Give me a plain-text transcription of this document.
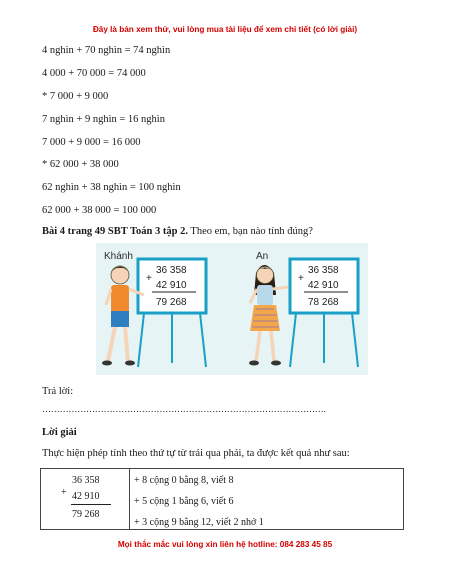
Đây là bản xem thử, vui lòng mua tài liệu để xem chi tiết (có lời giải)
4 nghìn + 70 nghìn = 74 nghìn
4 000 + 70 000 = 74 000
* 7 000 + 9 000
7 nghìn + 9 nghìn = 16 nghìn
7 000 + 9 000 = 16 000
* 62 000 + 38 000
62 nghìn + 38 nghìn = 100 nghìn
62 000 + 38 000 = 100 000
Bài 4 trang 49 SBT Toán 3 tập 2. Theo em, bạn nào tính đúng?
+
36 358
42 910
79 268
Khánh
+
36 358
42 910
78 268
An
Trả lời:
…………………………………………………………………………………….
Lời giải
Thực hiện phép tính theo thứ tự từ trái qua phải, ta được kết quả như sau:
+
36 358
42 910
79 268
+ 8 cộng 0 bằng 8, viết 8
+ 5 cộng 1 bằng 6, viết 6
+ 3 cộng 9 bằng 12, viết 2 nhớ 1
Mọi thắc mắc vui lòng xin liên hệ hotline: 084 283 45 85
